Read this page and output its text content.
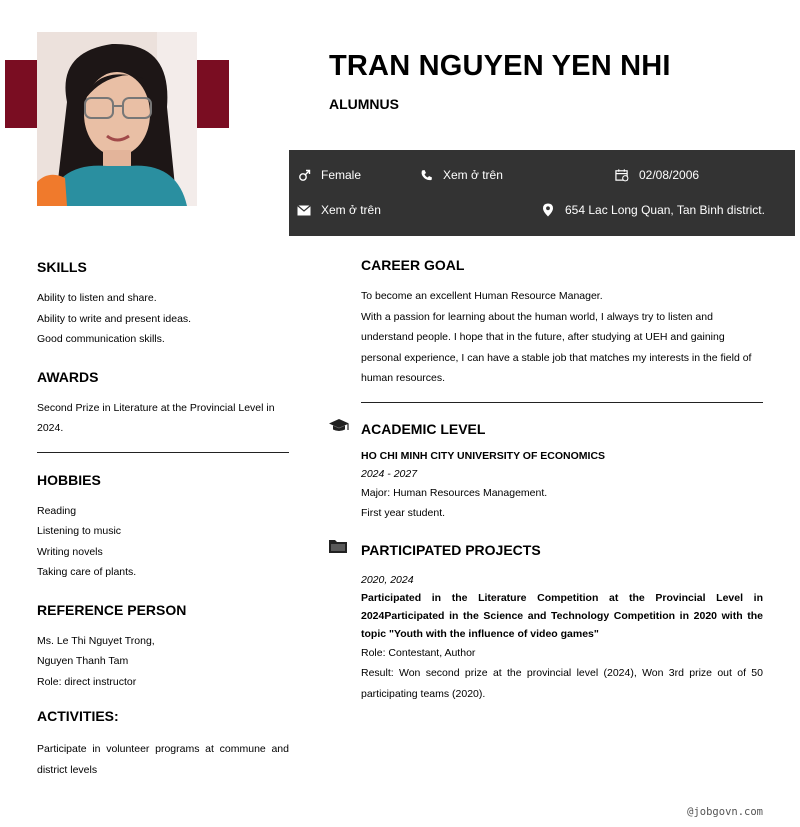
TRAN NGUYEN YEN NHI
ALUMNUS
Female	Xem ở trên	02/08/2006
Xem ở trên	654 Lac Long Quan, Tan Binh district.
SKILLS
Ability to listen and share.
Ability to write and present ideas.
Good communication skills.
AWARDS
Second Prize in Literature at the Provincial Level in 2024.
HOBBIES
Reading
Listening to music
Writing novels
Taking care of plants.
REFERENCE PERSON
Ms. Le Thi Nguyet Trong,
Nguyen Thanh Tam
Role: direct instructor
ACTIVITIES:
Participate in volunteer programs at commune and district levels
CAREER GOAL
To become an excellent Human Resource Manager.
With a passion for learning about the human world, I always try to listen and understand people. I hope that in the future, after studying at UEH and gaining personal experience, I can have a stable job that matches my interests in the field of human resources.
ACADEMIC LEVEL
HO CHI MINH CITY UNIVERSITY OF ECONOMICS
2024 - 2027
Major: Human Resources Management.
First year student.
PARTICIPATED PROJECTS
2020, 2024
Participated in the Literature Competition at the Provincial Level in 2024Participated in the Science and Technology Competition in 2020 with the topic "Youth with the influence of video games"
Role: Contestant, Author
Result: Won second prize at the provincial level (2024), Won 3rd prize out of 50 participating teams (2020).
@jobgovn.com
